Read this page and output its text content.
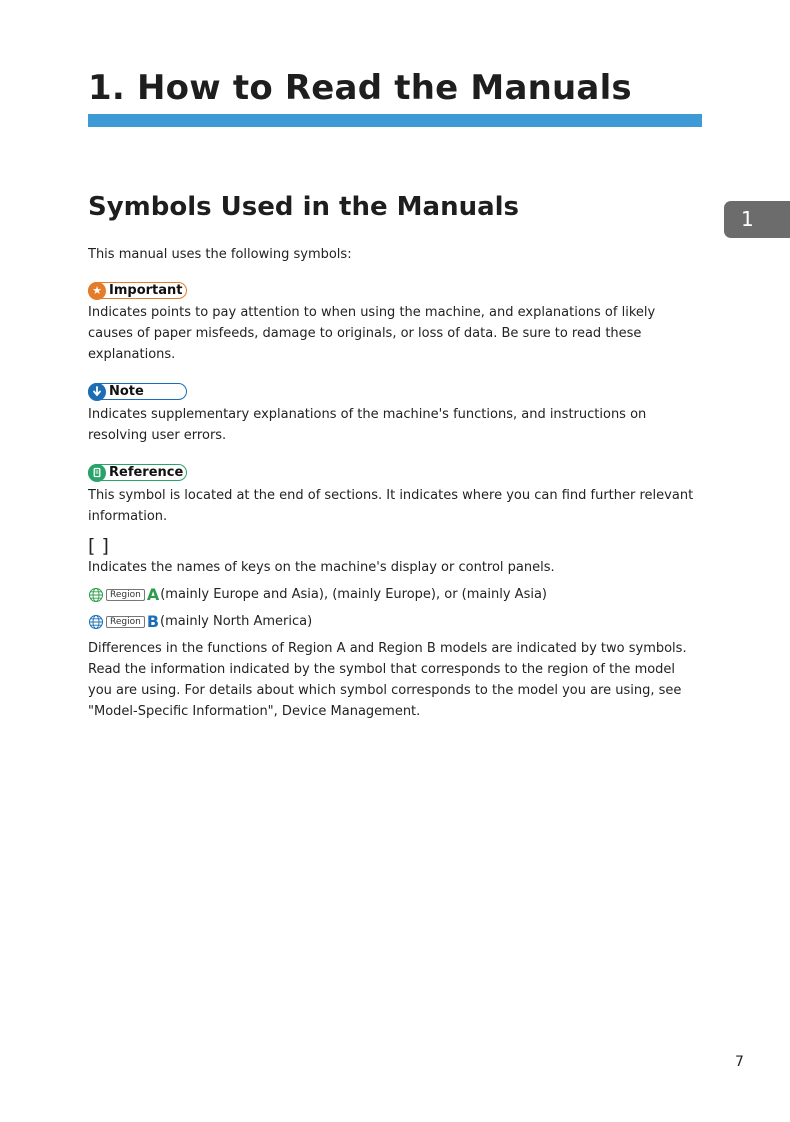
1. How to Read the Manuals
Symbols Used in the Manuals	1

This manual uses the following symbols:

★ Important

Indicates points to pay attention to when using the machine, and explanations of likely causes of paper misfeeds, damage to originals, or loss of data. Be sure to read these explanations.

Note

Indicates supplementary explanations of the machine's functions, and instructions on resolving user errors.

Reference

This symbol is located at the end of sections. It indicates where you can find further relevant information.

[ ]

Indicates the names of keys on the machine's display or control panels.

Region A (mainly Europe and Asia), (mainly Europe), or (mainly Asia)
Region B (mainly North America)

Differences in the functions of Region A and Region B models are indicated by two symbols. Read the information indicated by the symbol that corresponds to the region of the model you are using. For details about which symbol corresponds to the model you are using, see "Model-Specific Information", Device Management.

7
